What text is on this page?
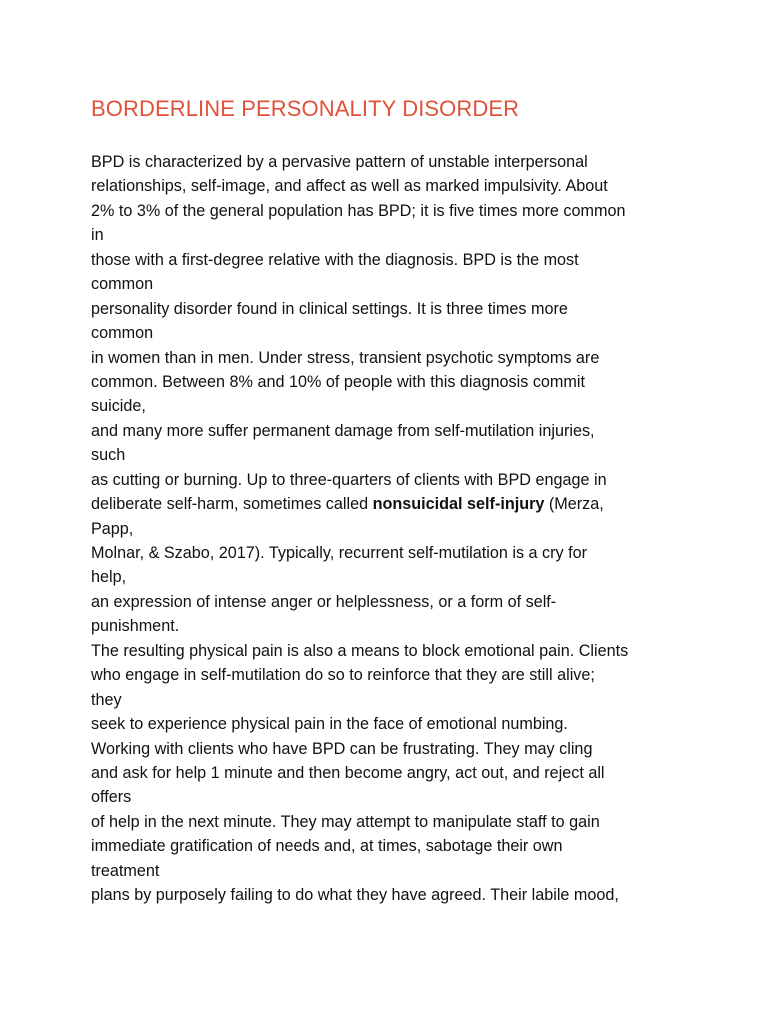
BORDERLINE PERSONALITY DISORDER
BPD is characterized by a pervasive pattern of unstable interpersonal
relationships, self-image, and affect as well as marked impulsivity. About
2% to 3% of the general population has BPD; it is five times more common
in
those with a first-degree relative with the diagnosis. BPD is the most
common
personality disorder found in clinical settings. It is three times more
common
in women than in men. Under stress, transient psychotic symptoms are
common. Between 8% and 10% of people with this diagnosis commit
suicide,
and many more suffer permanent damage from self-mutilation injuries,
such
as cutting or burning. Up to three-quarters of clients with BPD engage in
deliberate self-harm, sometimes called nonsuicidal self-injury (Merza,
Papp,
Molnar, & Szabo, 2017). Typically, recurrent self-mutilation is a cry for
help,
an expression of intense anger or helplessness, or a form of self-
punishment.
The resulting physical pain is also a means to block emotional pain. Clients
who engage in self-mutilation do so to reinforce that they are still alive;
they
seek to experience physical pain in the face of emotional numbing.
Working with clients who have BPD can be frustrating. They may cling
and ask for help 1 minute and then become angry, act out, and reject all
offers
of help in the next minute. They may attempt to manipulate staff to gain
immediate gratification of needs and, at times, sabotage their own
treatment
plans by purposely failing to do what they have agreed. Their labile mood,
